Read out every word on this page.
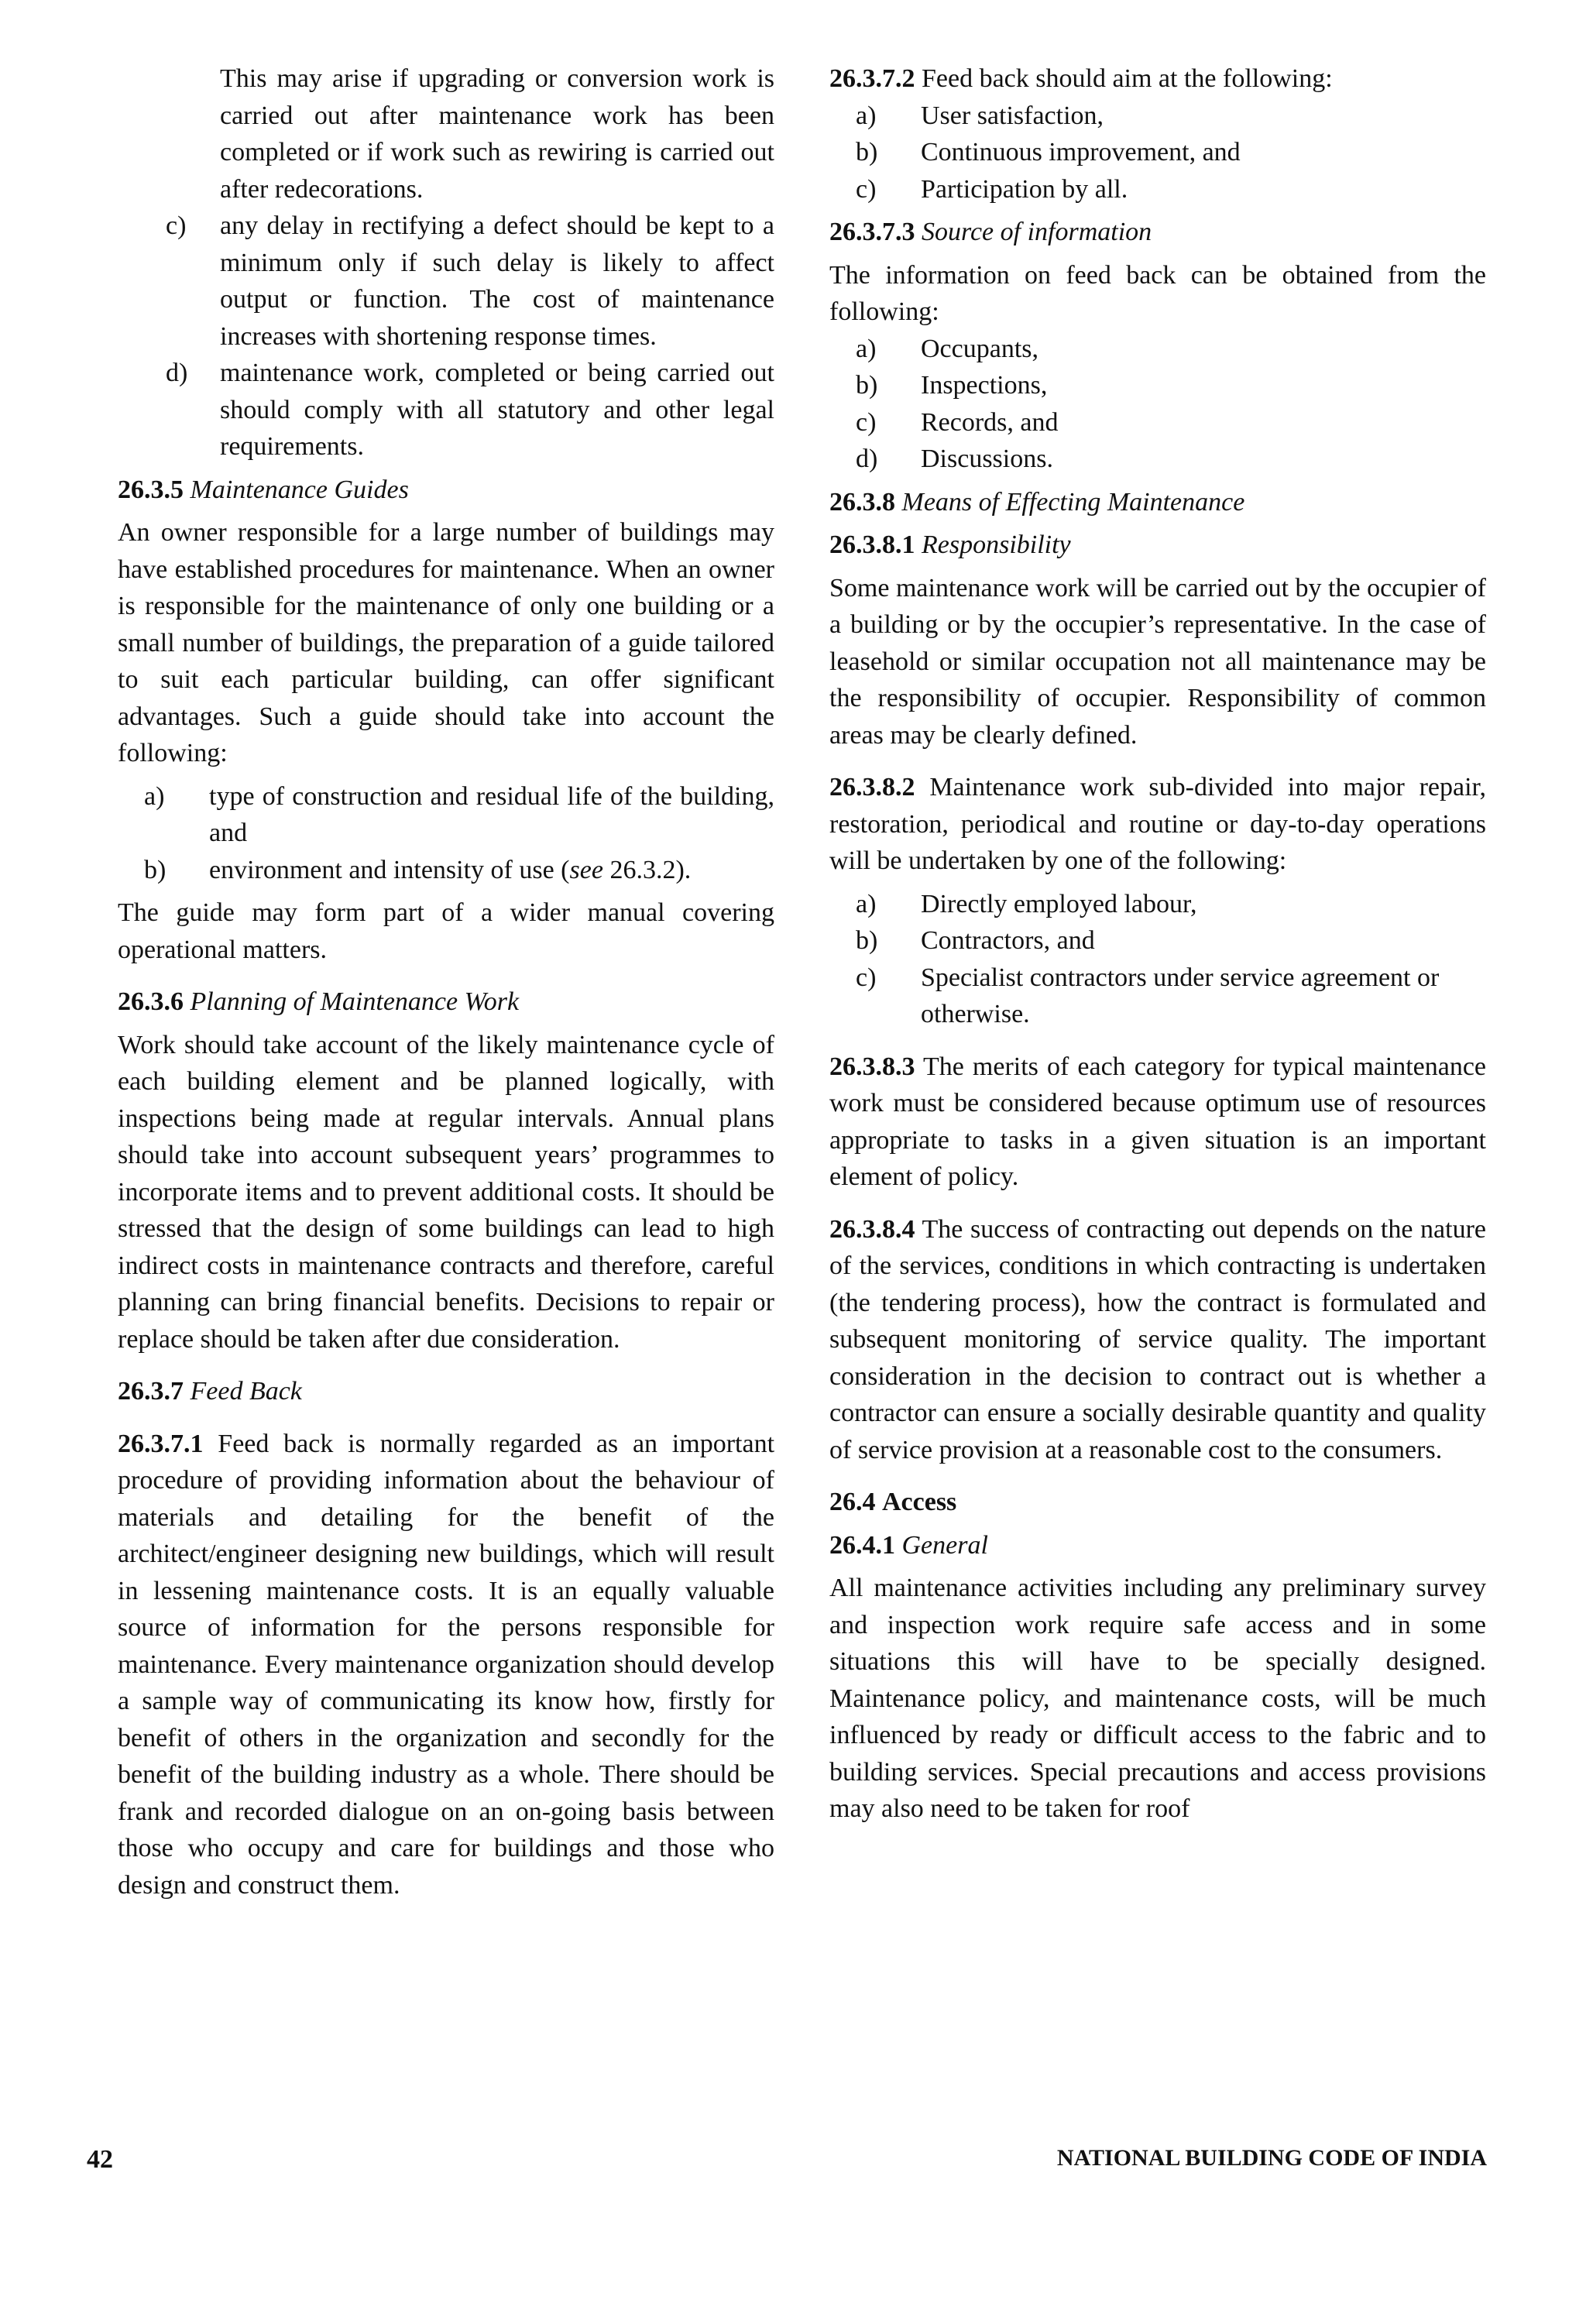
This may arise if upgrading or conversion work is carried out after maintenance work has been completed or if work such as rewiring is carried out after redecorations.

c)	any delay in rectifying a defect should be kept to a minimum only if such delay is likely to affect output or function. The cost of maintenance increases with shortening response times.
d)	maintenance work, completed or being carried out should comply with all statutory and other legal requirements.
26.3.5 Maintenance Guides

An owner responsible for a large number of buildings may have established procedures for maintenance. When an owner is responsible for the maintenance of only one building or a small number of buildings, the preparation of a guide tailored to suit each particular building, can offer significant advantages. Such a guide should take into account the following:

a)	type of construction and residual life of the building, and
b)	environment and intensity of use (see 26.3.2).

The guide may form part of a wider manual covering operational matters.

26.3.6 Planning of Maintenance Work

Work should take account of the likely maintenance cycle of each building element and be planned logically, with inspections being made at regular intervals. Annual plans should take into account subsequent years’ programmes to incorporate items and to prevent additional costs. It should be stressed that the design of some buildings can lead to high indirect costs in maintenance contracts and therefore, careful planning can bring financial benefits. Decisions to repair or replace should be taken after due consideration.

26.3.7 Feed Back

26.3.7.1 Feed back is normally regarded as an important procedure of providing information about the behaviour of materials and detailing for the benefit of the architect/engineer designing new buildings, which will result in lessening maintenance costs. It is an equally valuable source of information for the persons responsible for maintenance. Every maintenance organization should develop a sample way of communicating its know how, firstly for benefit of others in the organization and secondly for the benefit of the building industry as a whole. There should be frank and recorded dialogue on an on-going basis between those who occupy and care for buildings and those who design and construct them.

26.3.7.2 Feed back should aim at the following:

a)	User satisfaction,
b)	Continuous improvement, and
c)	Participation by all.
26.3.7.3 Source of information

The information on feed back can be obtained from the following:

a)	Occupants,
b)	Inspections,
c)	Records, and
d)	Discussions.
26.3.8 Means of Effecting Maintenance
26.3.8.1 Responsibility

Some maintenance work will be carried out by the occupier of a building or by the occupier’s representative. In the case of leasehold or similar occupation not all maintenance may be the responsibility of occupier. Responsibility of common areas may be clearly defined.

26.3.8.2 Maintenance work sub-divided into major repair, restoration, periodical and routine or day-to-day operations will be undertaken by one of the following:

a)	Directly employed labour,
b)	Contractors, and
c)	Specialist contractors under service agreement or otherwise.

26.3.8.3 The merits of each category for typical maintenance work must be considered because optimum use of resources appropriate to tasks in a given situation is an important element of policy.

26.3.8.4 The success of contracting out depends on the nature of the services, conditions in which contracting is undertaken (the tendering process), how the contract is formulated and subsequent monitoring of service quality. The important consideration in the decision to contract out is whether a contractor can ensure a socially desirable quantity and quality of service provision at a reasonable cost to the consumers.

26.4 Access
26.4.1 General

All maintenance activities including any preliminary survey and inspection work require safe access and in some situations this will have to be specially designed. Maintenance policy, and maintenance costs, will be much influenced by ready or difficult access to the fabric and to building services. Special precautions and access provisions may also need to be taken for roof

42	NATIONAL BUILDING CODE OF INDIA
